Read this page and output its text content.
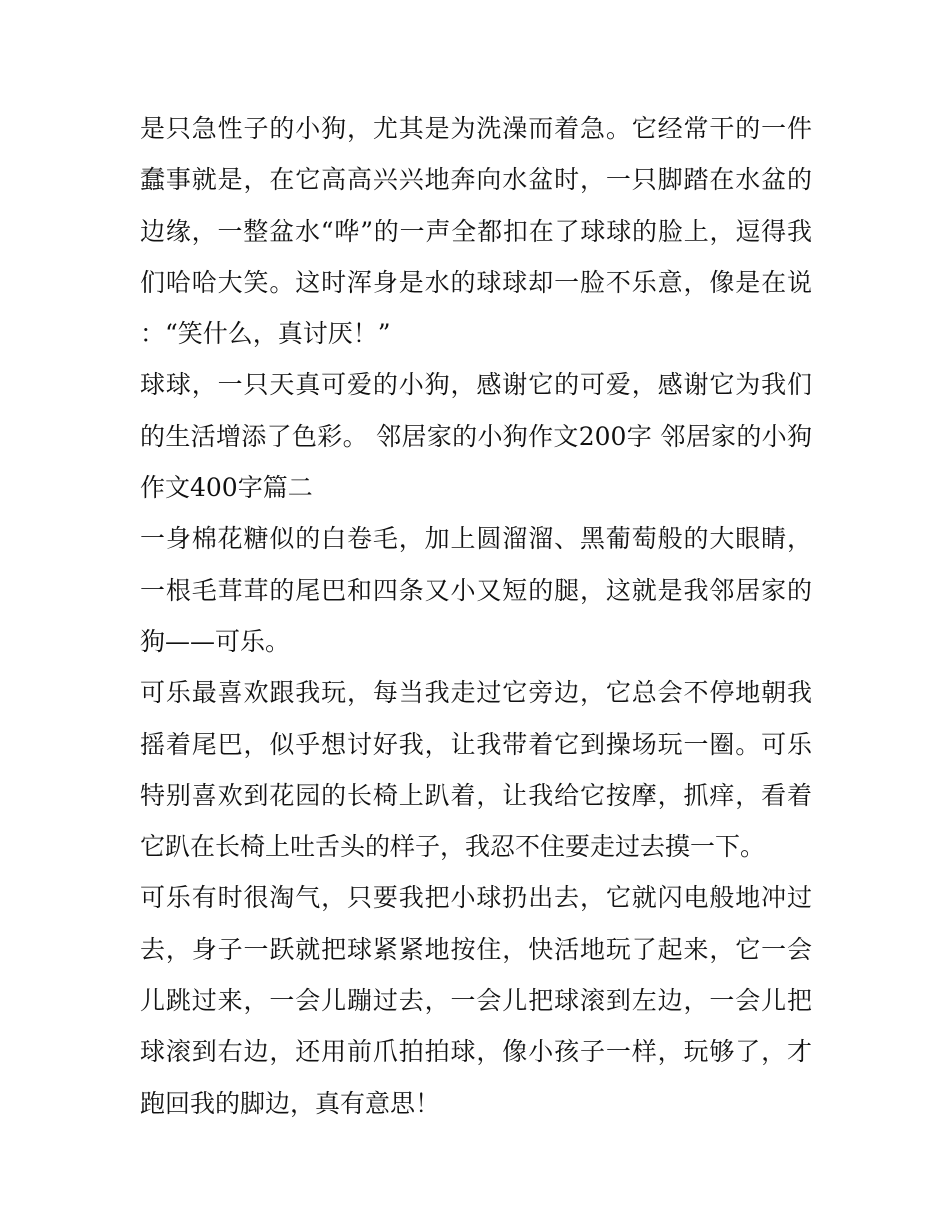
是只急性子的小狗，尤其是为洗澡而着急。它经常干的一件蠢事就是，在它高高兴兴地奔向水盆时，一只脚踏在水盆的边缘，一整盆水“哗”的一声全都扣在了球球的脸上，逗得我们哈哈大笑。这时浑身是水的球球却一脸不乐意，像是在说：“笑什么，真讨厌！”

球球，一只天真可爱的小狗，感谢它的可爱，感谢它为我们的生活增添了色彩。 邻居家的小狗作文200字 邻居家的小狗作文400字篇二

一身棉花糖似的白卷毛，加上圆溜溜、黑葡萄般的大眼睛，一根毛茸茸的尾巴和四条又小又短的腿，这就是我邻居家的狗——可乐。

可乐最喜欢跟我玩，每当我走过它旁边，它总会不停地朝我摇着尾巴，似乎想讨好我，让我带着它到操场玩一圈。可乐特别喜欢到花园的长椅上趴着，让我给它按摩，抓痒，看着它趴在长椅上吐舌头的样子，我忍不住要走过去摸一下。

可乐有时很淘气，只要我把小球扔出去，它就闪电般地冲过去，身子一跃就把球紧紧地按住，快活地玩了起来，它一会儿跳过来，一会儿蹦过去，一会儿把球滚到左边，一会儿把球滚到右边，还用前爪拍拍球，像小孩子一样，玩够了，才跑回我的脚边，真有意思！
